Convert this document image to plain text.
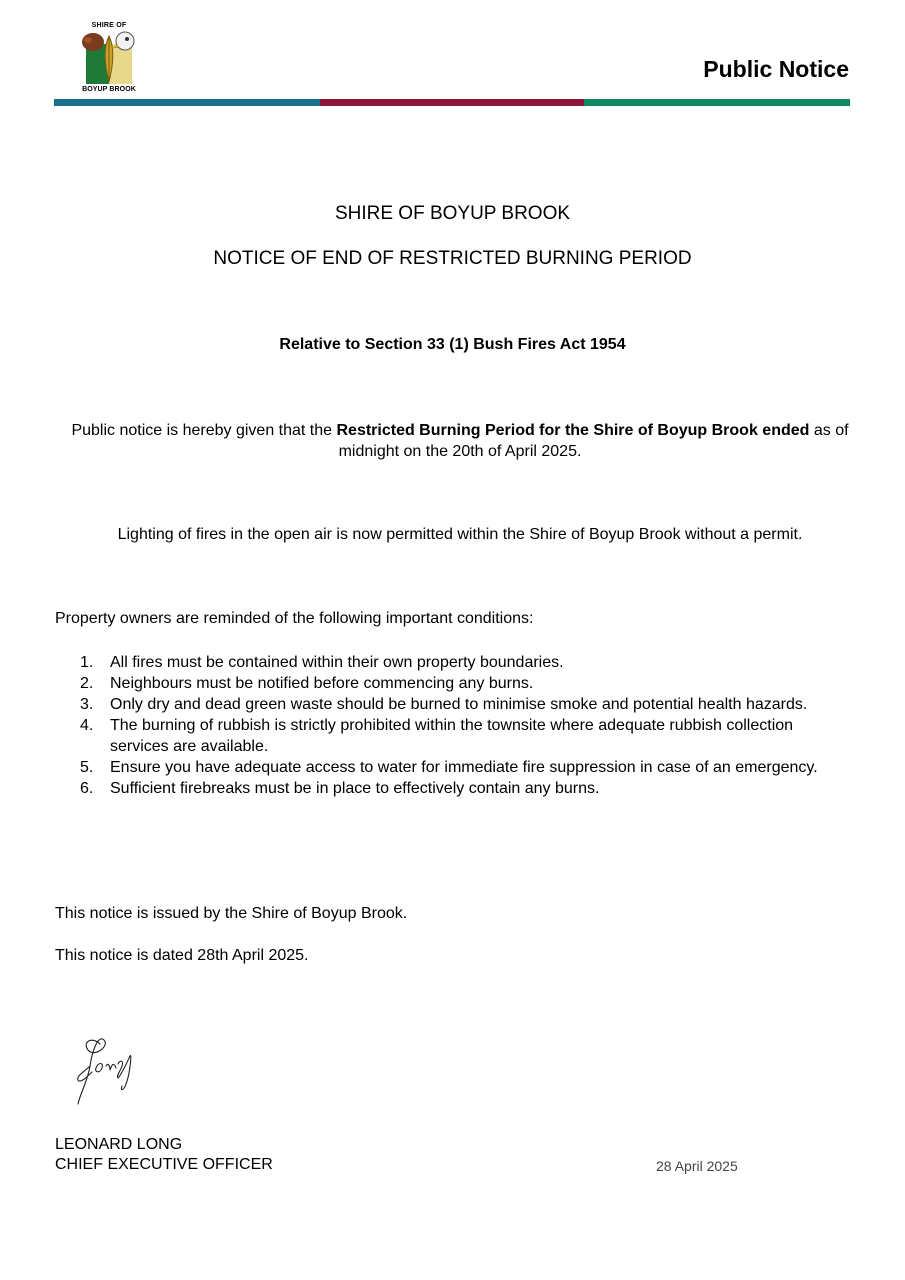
SHIRE OF
BOYUP BROOK
Public Notice
SHIRE OF BOYUP BROOK
NOTICE OF END OF RESTRICTED BURNING PERIOD
Relative to Section 33 (1) Bush Fires Act 1954
Public notice is hereby given that the Restricted Burning Period for the Shire of Boyup Brook ended as of midnight on the 20th of April 2025.
Lighting of fires in the open air is now permitted within the Shire of Boyup Brook without a permit.
Property owners are reminded of the following important conditions:
1. All fires must be contained within their own property boundaries.
2. Neighbours must be notified before commencing any burns.
3. Only dry and dead green waste should be burned to minimise smoke and potential health hazards.
4. The burning of rubbish is strictly prohibited within the townsite where adequate rubbish collection services are available.
5. Ensure you have adequate access to water for immediate fire suppression in case of an emergency.
6. Sufficient firebreaks must be in place to effectively contain any burns.
This notice is issued by the Shire of Boyup Brook.
This notice is dated 28th April 2025.
LEONARD LONG
CHIEF EXECUTIVE OFFICER	28 April 2025
